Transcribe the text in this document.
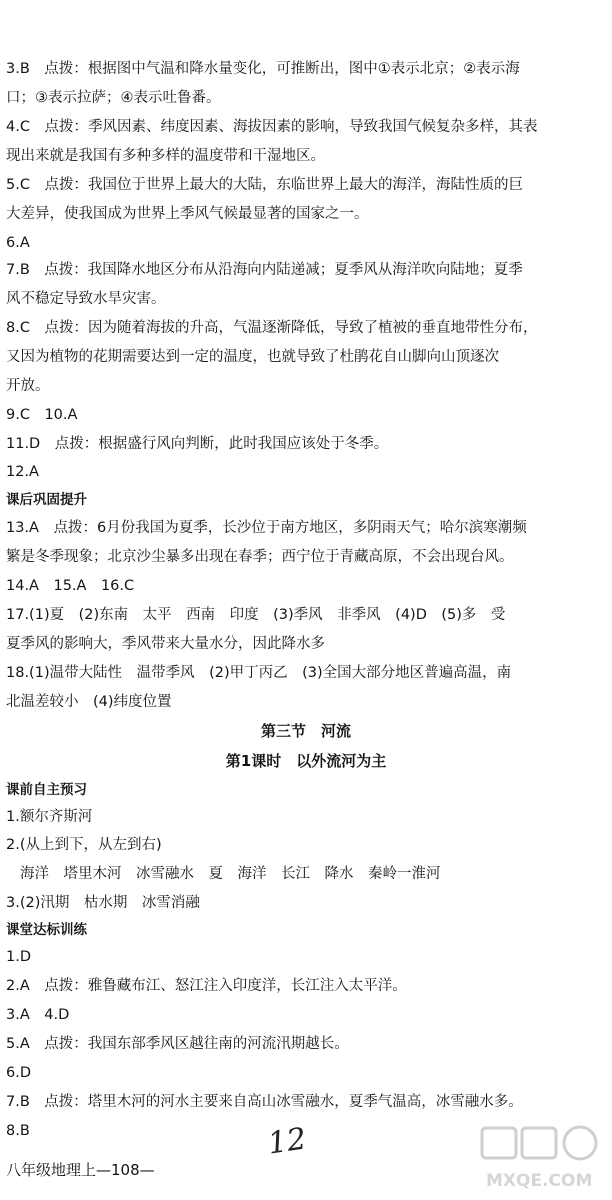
3.B　点拨：根据图中气温和降水量变化，可推断出，图中①表示北京；②表示海
口；③表示拉萨；④表示吐鲁番。
4.C　点拨：季风因素、纬度因素、海拔因素的影响，导致我国气候复杂多样，其表
现出来就是我国有多种多样的温度带和干湿地区。
5.C　点拨：我国位于世界上最大的大陆，东临世界上最大的海洋，海陆性质的巨
大差异，使我国成为世界上季风气候最显著的国家之一。
6.A
7.B　点拨：我国降水地区分布从沿海向内陆递减；夏季风从海洋吹向陆地；夏季
风不稳定导致水旱灾害。
8.C　点拨：因为随着海拔的升高，气温逐渐降低，导致了植被的垂直地带性分布，
又因为植物的花期需要达到一定的温度，也就导致了杜鹃花自山脚向山顶逐次
开放。
9.C　10.A
11.D　点拨：根据盛行风向判断，此时我国应该处于冬季。
12.A
课后巩固提升
13.A　点拨：6月份我国为夏季，长沙位于南方地区，多阴雨天气；哈尔滨寒潮频
繁是冬季现象；北京沙尘暴多出现在春季；西宁位于青藏高原，不会出现台风。
14.A　15.A　16.C
17.(1)夏　(2)东南　太平　西南　印度　(3)季风　非季风　(4)D　(5)多　受
夏季风的影响大，季风带来大量水分，因此降水多
18.(1)温带大陆性　温带季风　(2)甲丁丙乙　(3)全国大部分地区普遍高温，南
北温差较小　(4)纬度位置
第三节　河流
第1课时　以外流河为主
课前自主预习
1.额尔齐斯河
2.(从上到下，从左到右)
海洋　塔里木河　冰雪融水　夏　海洋　长江　降水　秦岭一淮河
3.(2)汛期　枯水期　冰雪消融
课堂达标训练
1.D
2.A　点拨：雅鲁藏布江、怒江注入印度洋，长江注入太平洋。
3.A　4.D
5.A　点拨：我国东部季风区越往南的河流汛期越长。
6.D
7.B　点拨：塔里木河的河水主要来自高山冰雪融水，夏季气温高，冰雪融水多。
8.B
八年级地理上—108—
12
MXQE.COM
